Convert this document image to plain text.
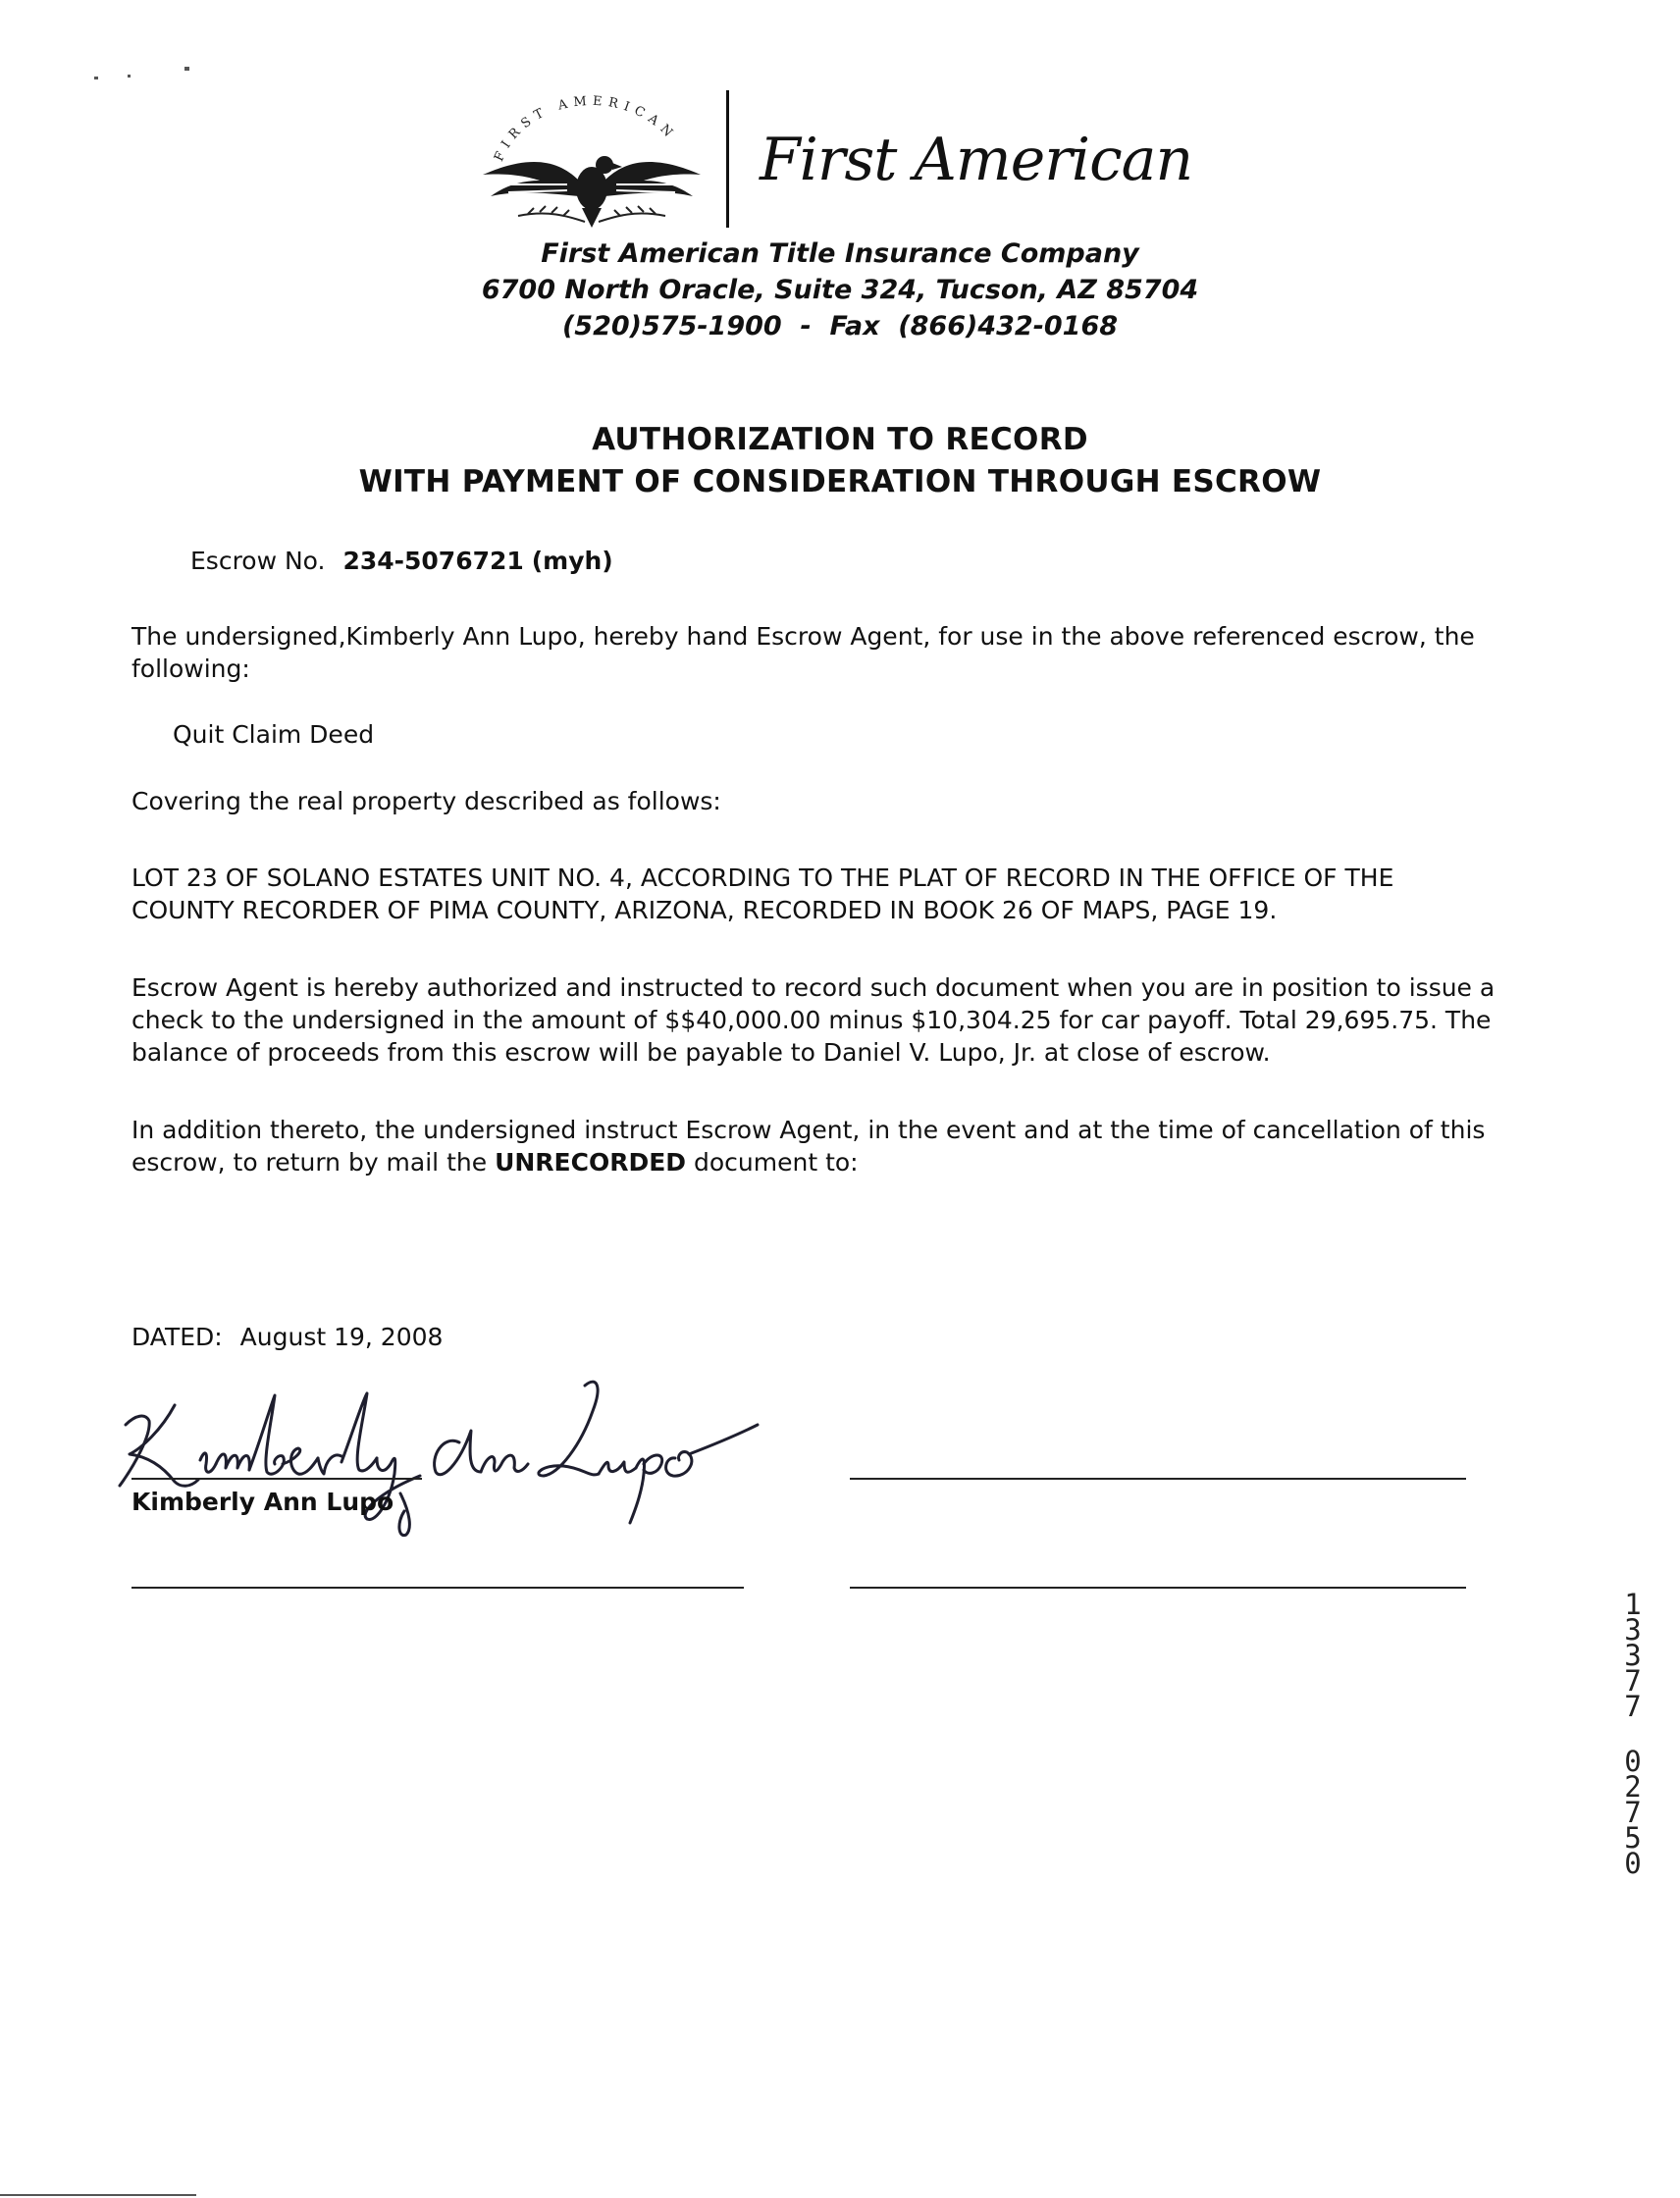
FIRST AMERICAN First American
First American Title Insurance Company
6700 North Oracle, Suite 324, Tucson, AZ 85704
(520)575-1900  -  Fax  (866)432-0168
AUTHORIZATION TO RECORD
WITH PAYMENT OF CONSIDERATION THROUGH ESCROW
Escrow No. 234-5076721 (myh)
The undersigned,Kimberly Ann Lupo, hereby hand Escrow Agent, for use in the above referenced escrow, the
following:
Quit Claim Deed
Covering the real property described as follows:
LOT 23 OF SOLANO ESTATES UNIT NO. 4, ACCORDING TO THE PLAT OF RECORD IN THE OFFICE OF THE
COUNTY RECORDER OF PIMA COUNTY, ARIZONA, RECORDED IN BOOK 26 OF MAPS, PAGE 19.
Escrow Agent is hereby authorized and instructed to record such document when you are in position to issue a
check to the undersigned in the amount of $$40,000.00 minus $10,304.25 for car payoff. Total 29,695.75. The
balance of proceeds from this escrow will be payable to Daniel V. Lupo, Jr. at close of escrow.
In addition thereto, the undersigned instruct Escrow Agent, in the event and at the time of cancellation of this
escrow, to return by mail the UNRECORDED document to:
DATED: August 19, 2008
Kimberly Ann Lupo
1
3
3
7
7
0
2
7
5
0
